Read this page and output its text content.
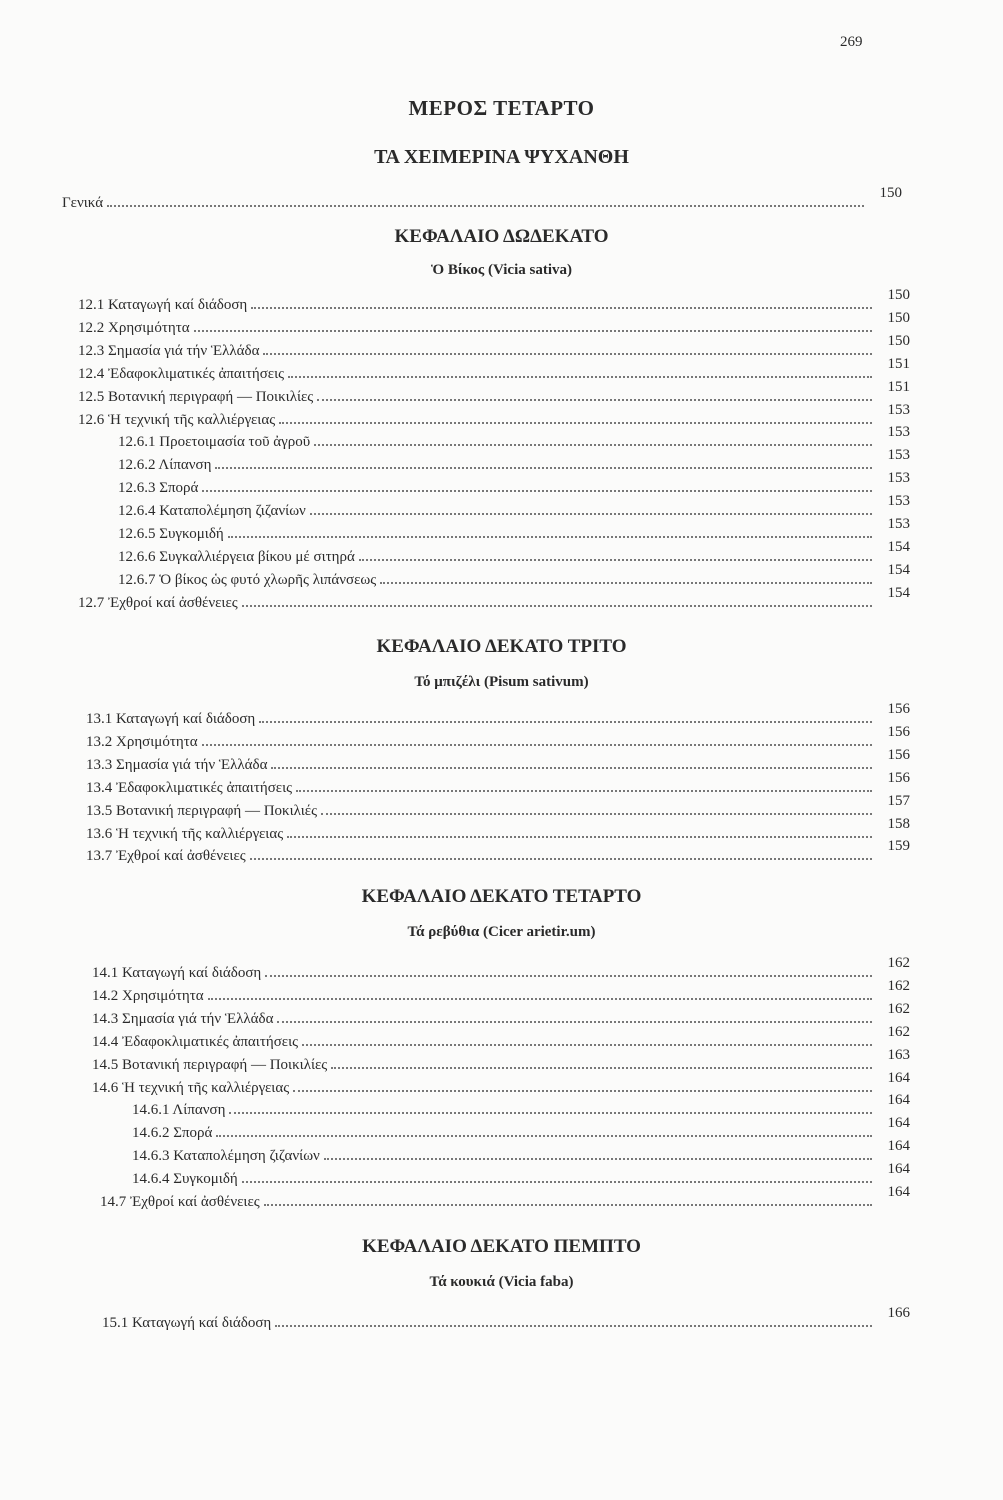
269
ΜΕΡΟΣ ΤΕΤΑΡΤΟ
ΤΑ ΧΕΙΜΕΡΙΝΑ ΨΥΧΑΝΘΗ
Γενικά
150
ΚΕΦΑΛΑΙΟ ΔΩΔΕΚΑΤΟ
Ὁ Βίκος (Vicia sativa)
12.1 Καταγωγή καί διάδοση
150
12.2 Χρησιμότητα
150
12.3 Σημασία γιά τήν Ἑλλάδα
150
12.4 Ἐδαφοκλιματικές ἀπαιτήσεις
151
12.5 Βοτανική περιγραφή — Ποικιλίες
151
12.6 Ἡ τεχνική τῆς καλλιέργειας
153
12.6.1 Προετοιμασία τοῦ ἀγροῦ
153
12.6.2 Λίπανση
153
12.6.3 Σπορά
153
12.6.4 Καταπολέμηση ζιζανίων
153
12.6.5 Συγκομιδή
153
12.6.6 Συγκαλλιέργεια βίκου μέ σιτηρά
154
12.6.7 Ὁ βίκος ὡς φυτό χλωρῆς λιπάνσεως
154
12.7 Ἐχθροί καί ἀσθένειες
154
ΚΕΦΑΛΑΙΟ ΔΕΚΑΤΟ ΤΡΙΤΟ
Τό μπιζέλι (Pisum sativum)
13.1 Καταγωγή καί διάδοση
156
13.2 Χρησιμότητα
156
13.3 Σημασία γιά τήν Ἑλλάδα
156
13.4 Ἐδαφοκλιματικές ἀπαιτήσεις
156
13.5 Βοτανική περιγραφή — Ποκιλιές
157
13.6 Ἡ τεχνική τῆς καλλιέργειας
158
13.7 Ἐχθροί καί ἀσθένειες
159
ΚΕΦΑΛΑΙΟ ΔΕΚΑΤΟ ΤΕΤΑΡΤΟ
Τά ρεβύθια (Cicer arietir.um)
14.1 Καταγωγή καί διάδοση
162
14.2 Χρησιμότητα
162
14.3 Σημασία γιά τήν Ἑλλάδα
162
14.4 Ἐδαφοκλιματικές ἀπαιτήσεις
162
14.5 Βοτανική περιγραφή — Ποικιλίες
163
14.6 Ἡ τεχνική τῆς καλλιέργειας
164
14.6.1 Λίπανση
164
14.6.2 Σπορά
164
14.6.3 Καταπολέμηση ζιζανίων
164
14.6.4 Συγκομιδή
164
14.7 Ἐχθροί καί ἀσθένειες
164
ΚΕΦΑΛΑΙΟ ΔΕΚΑΤΟ ΠΕΜΠΤΟ
Τά κουκιά (Vicia faba)
15.1 Καταγωγή καί διάδοση
166
